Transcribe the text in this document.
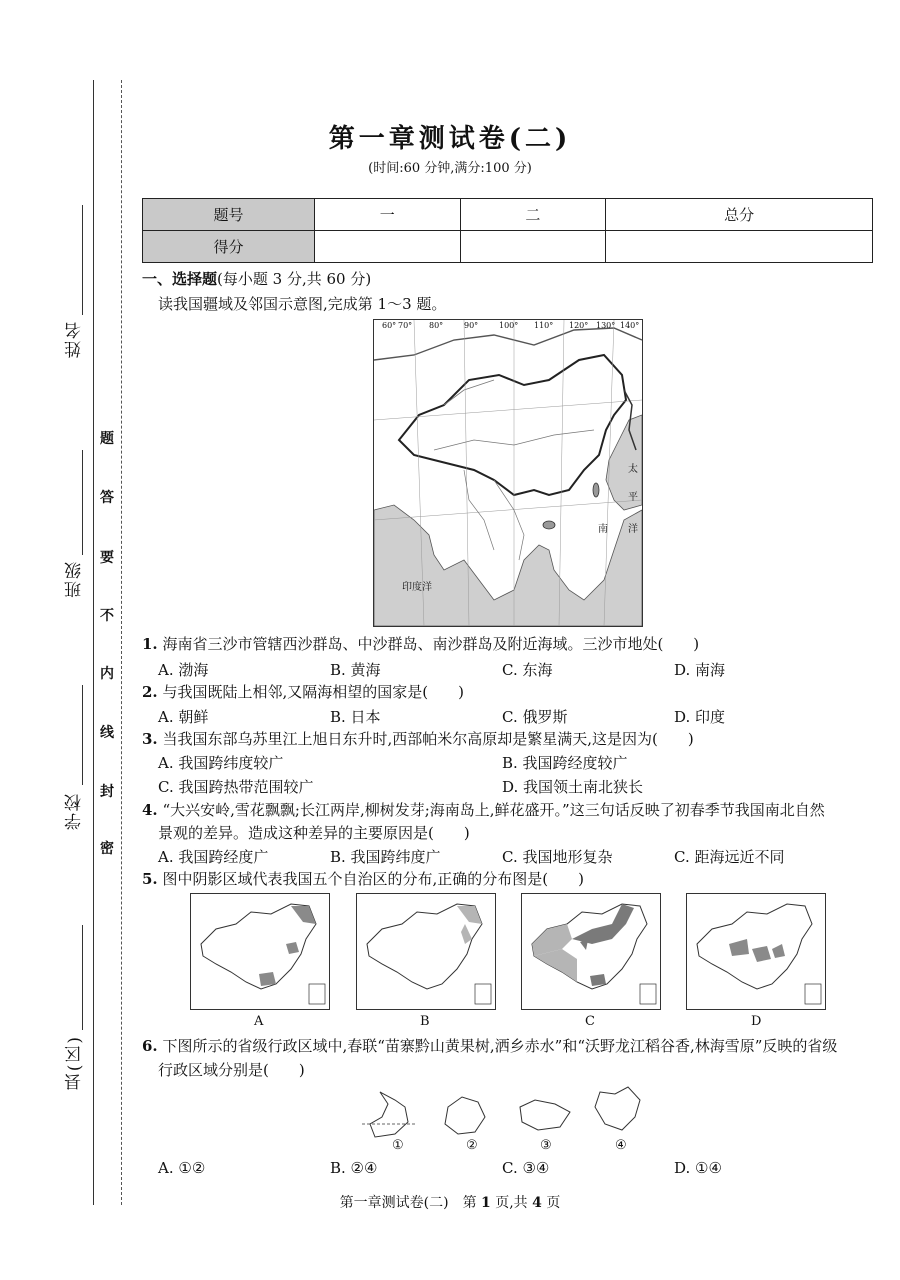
姓名
班级
学校
县(区)
题
答
要
不
内
线
封
密
第一章测试卷(二)
(时间:60 分钟,满分:100 分)
题号	一	二	总分
得分			
一、选择题(每小题 3 分,共 60 分)
读我国疆域及邻国示意图,完成第 1～3 题。
60° 70° 80°	90°	100° 110° 120° 130° 140°
印度洋
太
平
洋
南
1. 海南省三沙市管辖西沙群岛、中沙群岛、南沙群岛及附近海域。三沙市地处(　　)
A. 渤海	B. 黄海	C. 东海	D. 南海
2. 与我国既陆上相邻,又隔海相望的国家是(　　)
A. 朝鲜	B. 日本	C. 俄罗斯	D. 印度
3. 当我国东部乌苏里江上旭日东升时,西部帕米尔高原却是繁星满天,这是因为(　　)
A. 我国跨纬度较广	B. 我国跨经度较广
C. 我国跨热带范围较广	D. 我国领土南北狭长
4. “大兴安岭,雪花飘飘;长江两岸,柳树发芽;海南岛上,鲜花盛开。”这三句话反映了初春季节我国南北自然
景观的差异。造成这种差异的主要原因是(　　)
A. 我国跨经度广	B. 我国跨纬度广	C. 我国地形复杂	C. 距海远近不同
5. 图中阴影区域代表我国五个自治区的分布,正确的分布图是(　　)
A	B	C	D
6. 下图所示的省级行政区域中,春联“苗寨黔山黄果树,洒乡赤水”和“沃野龙江稻谷香,林海雪原”反映的省级
行政区域分别是(　　)
①	②	③	④
A. ①②	B. ②④	C. ③④	D. ①④
第一章测试卷(二)　 第 1 页,共 4 页
